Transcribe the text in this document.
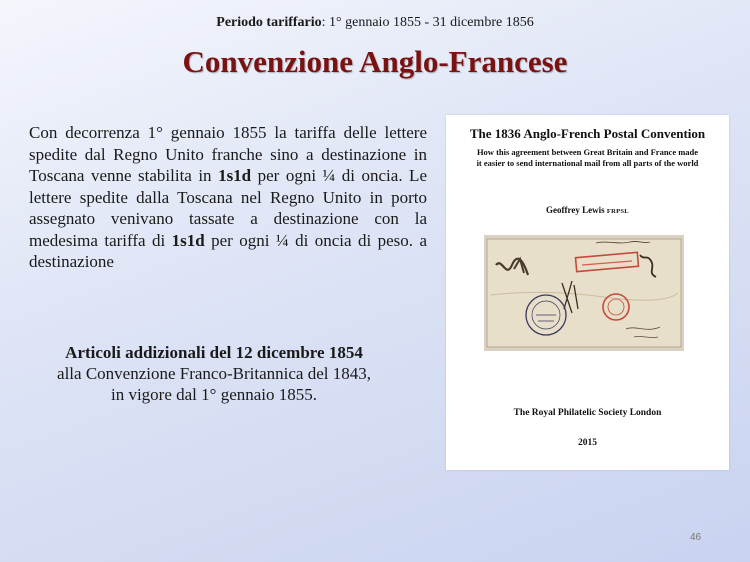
Periodo tariffario: 1° gennaio 1855 - 31 dicembre 1856
Convenzione Anglo-Francese
Con decorrenza 1° gennaio 1855 la tariffa delle lettere spedite dal Regno Unito franche sino a destinazione in Toscana venne stabilita in 1s1d per ogni ¼ di oncia. Le lettere spedite dalla Toscana nel Regno Unito in porto assegnato venivano tassate a destinazione con la medesima tariffa di 1s1d per ogni ¼ di oncia di peso. a destinazione
Articoli addizionali del 12 dicembre 1854
alla Convenzione Franco-Britannica del 1843,
in vigore dal 1° gennaio 1855.
The 1836 Anglo-French Postal Convention
How this agreement between Great Britain and France made
it easier to send international mail from all parts of the world
Geoffrey Lewis FRPSL
The Royal Philatelic Society London
2015
46
